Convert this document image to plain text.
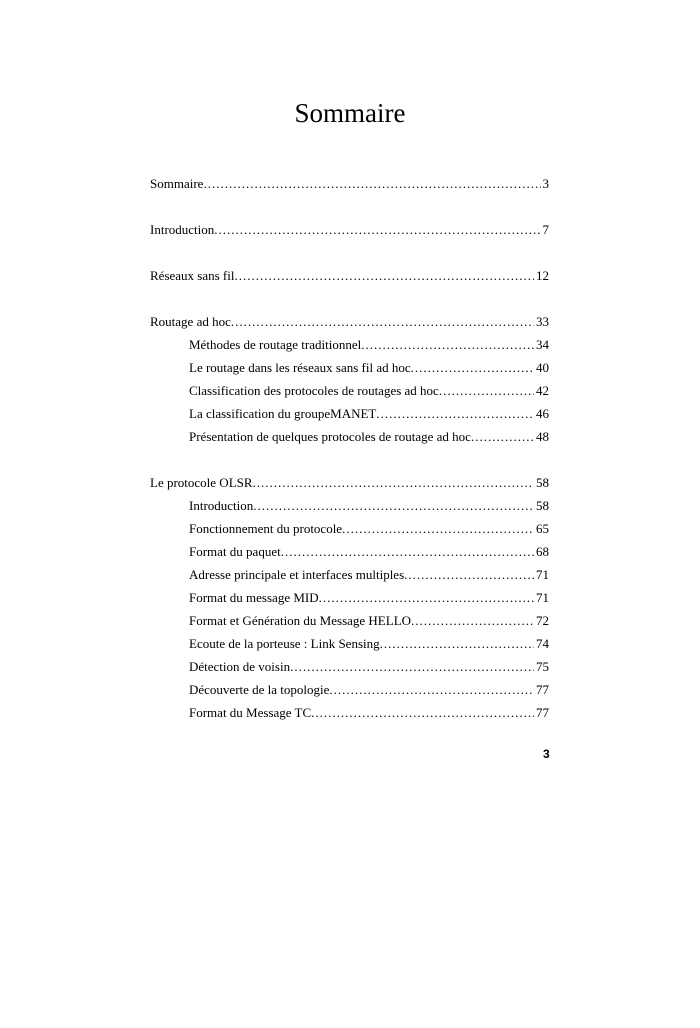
Sommaire
Sommaire .....	3
Introduction .....	7
Réseaux sans fil .....	12
Routage ad hoc .....	33
Méthodes de routage traditionnel .....	34
Le routage dans les réseaux sans fil ad hoc .....	40
Classification des protocoles de routages ad hoc .....	42
La classification du groupeMANET .....	46
Présentation de quelques protocoles de routage ad hoc .....	48
Le protocole OLSR .....	58
Introduction .....	58
Fonctionnement du protocole .....	65
Format du paquet .....	68
Adresse principale et interfaces multiples .....	71
Format du message MID .....	71
Format et Génération du Message HELLO .....	72
Ecoute de la porteuse : Link Sensing .....	74
Détection de voisin .....	75
Découverte de la topologie .....	77
Format du Message TC .....	77
3
